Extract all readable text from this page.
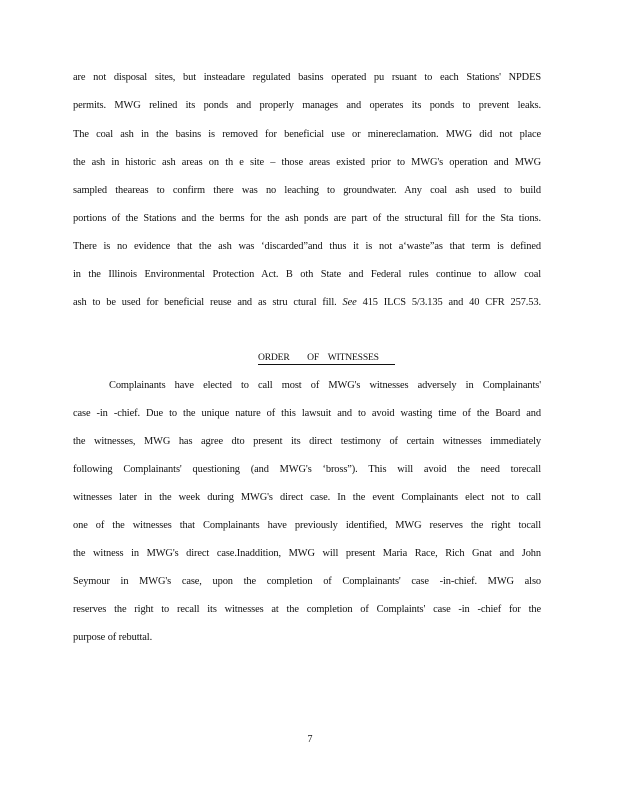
are not disposal sites, but insteadare regulated basins operated pu rsuant to each Stations' NPDES
permits. MWG relined its ponds and properly manages and operates its ponds to prevent leaks.
The coal ash in the basins is removed for beneficial use or minereclamation. MWG did not place
the ash in historic ash areas on th e site – those areas existed prior to MWG's operation and MWG
sampled theareas to confirm there was no leaching to groundwater. Any coal ash used to build
portions of the Stations and the berms for the ash ponds are part of the structural fill for the Sta tions.
There is no evidence that the ash was ‘discarded”and thus it is not a‘waste”as that term is defined
in the Illinois Environmental Protection Act. B oth State and Federal rules continue to allow coal
ash to be used for beneficial reuse and as stru ctural fill. See 415 ILCS 5/3.135 and 40 CFR 257.53.
ORDER OF WITNESSES
Complainants have elected to call most of MWG's witnesses adversely in Complainants'
case -in -chief. Due to the unique nature of this lawsuit and to avoid wasting time of the Board and
the witnesses, MWG has agree dto present its direct testimony of certain witnesses immediately
following Complainants' questioning (and MWG's ‘bross”). This will avoid the need torecall
witnesses later in the week during MWG's direct case. In the event Complainants elect not to call
one of the witnesses that Complainants have previously identified, MWG reserves the right tocall
the witness in MWG's direct case.Inaddition, MWG will present Maria Race, Rich Gnat and John
Seymour in MWG's case, upon the completion of Complainants' case -in-chief. MWG also
reserves the right to recall its witnesses at the completion of Complaints' case -in -chief for the
purpose of rebuttal.
7
